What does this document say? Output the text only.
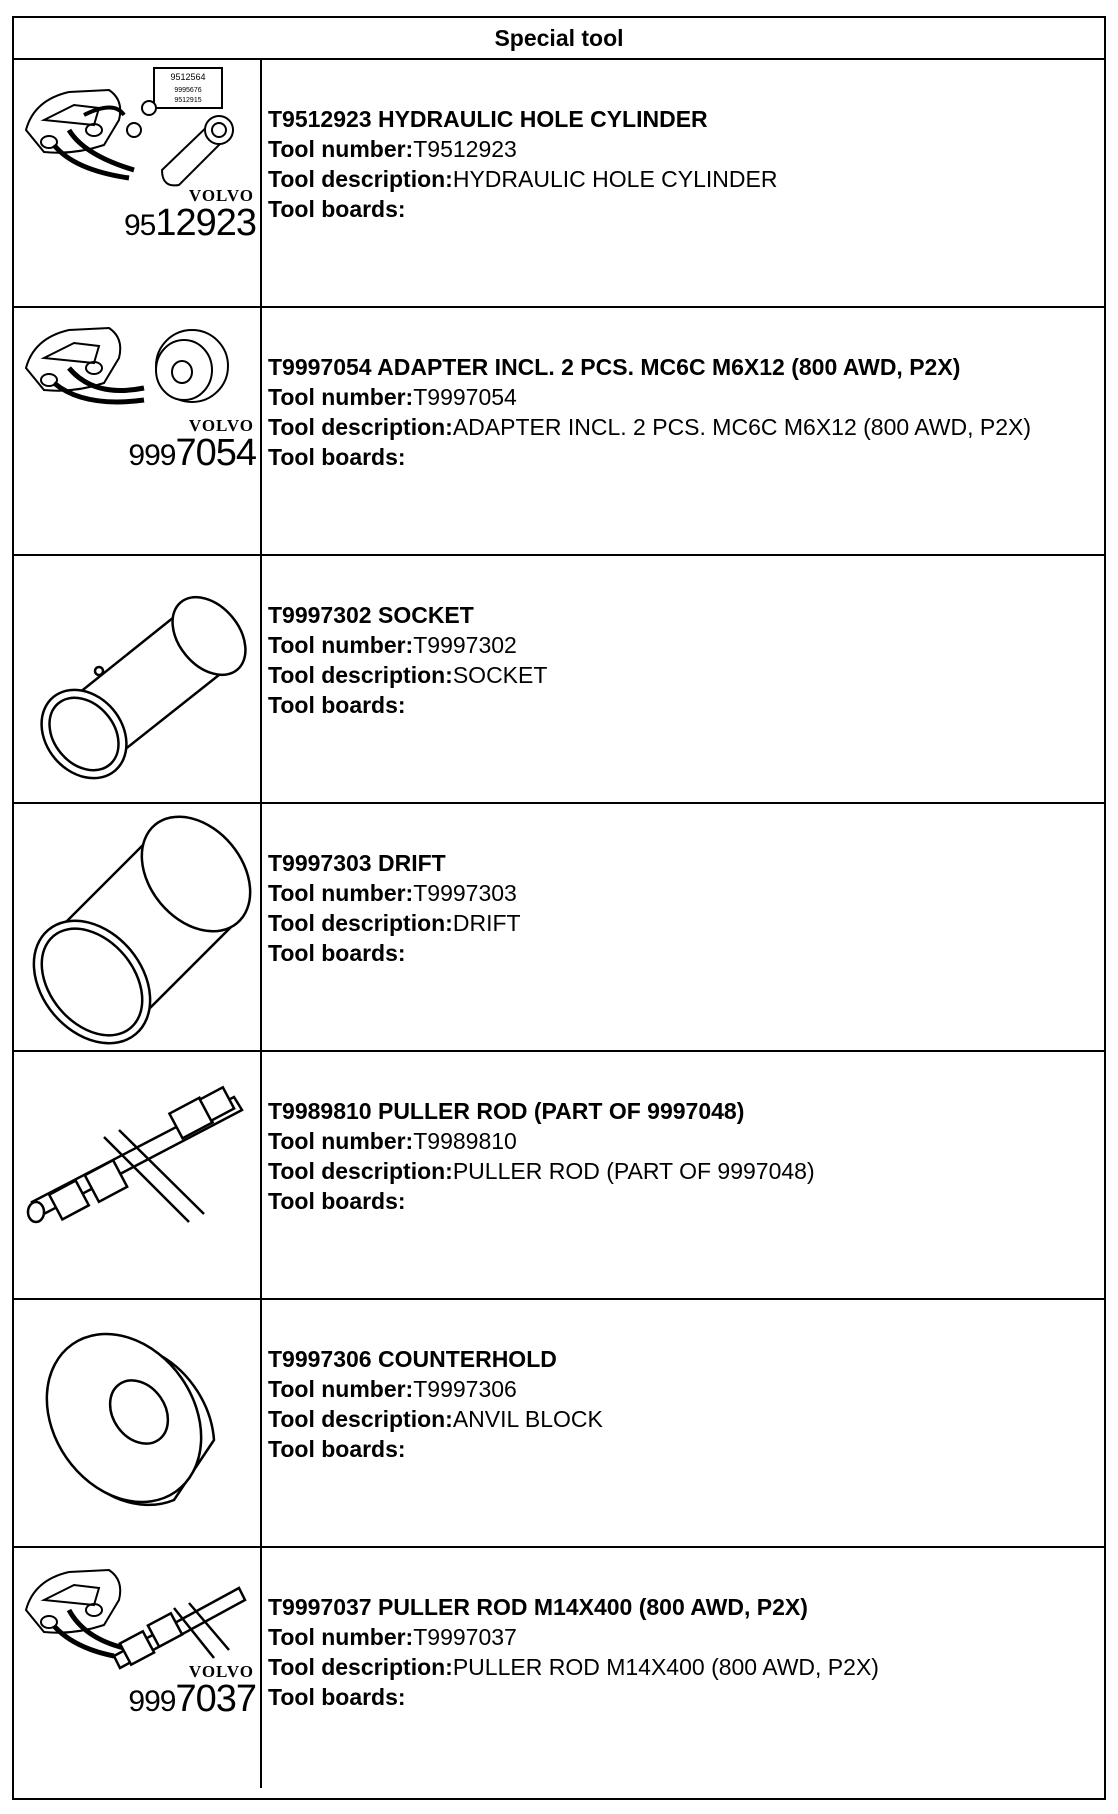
Special tool
9512564
9995676
9512915
VOLVO
9512923
T9512923 HYDRAULIC HOLE CYLINDER
Tool number:T9512923
Tool description:HYDRAULIC HOLE CYLINDER
Tool boards:
VOLVO
9997054
T9997054 ADAPTER INCL. 2 PCS. MC6C M6X12 (800 AWD, P2X)
Tool number:T9997054
Tool description:ADAPTER INCL. 2 PCS. MC6C M6X12 (800 AWD, P2X)
Tool boards:
T9997302 SOCKET
Tool number:T9997302
Tool description:SOCKET
Tool boards:
T9997303 DRIFT
Tool number:T9997303
Tool description:DRIFT
Tool boards:
T9989810 PULLER ROD (PART OF 9997048)
Tool number:T9989810
Tool description:PULLER ROD (PART OF 9997048)
Tool boards:
T9997306 COUNTERHOLD
Tool number:T9997306
Tool description:ANVIL BLOCK
Tool boards:
VOLVO
9997037
T9997037 PULLER ROD M14X400 (800 AWD, P2X)
Tool number:T9997037
Tool description:PULLER ROD M14X400 (800 AWD, P2X)
Tool boards:
